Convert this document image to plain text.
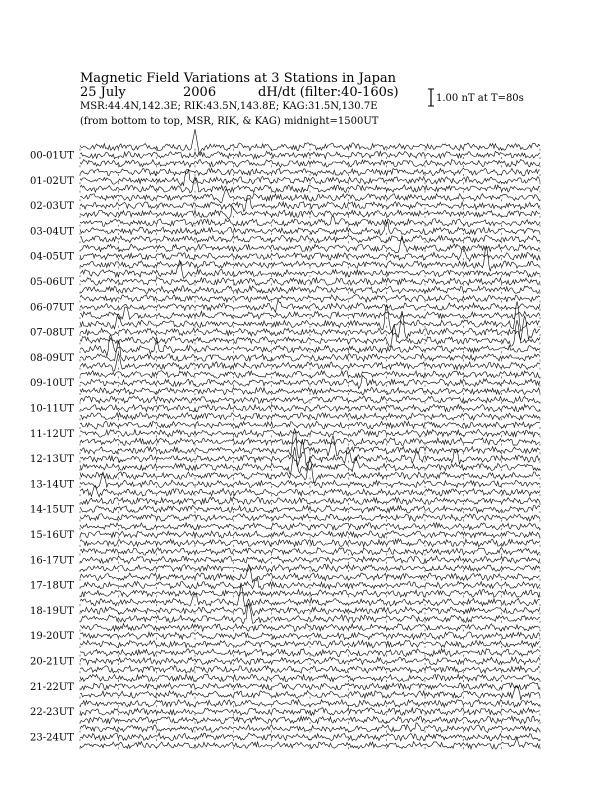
Magnetic Field Variations at 3 Stations in Japan
25 July	2006	dH/dt (filter:40-160s)
MSR:44.4N,142.3E; RIK:43.5N,143.8E; KAG:31.5N,130.7E
(from bottom to top, MSR, RIK, & KAG) midnight=1500UT
1.00 nT at T=80s
00-01UT
01-02UT
02-03UT
03-04UT
04-05UT
05-06UT
06-07UT
07-08UT
08-09UT
09-10UT
10-11UT
11-12UT
12-13UT
13-14UT
14-15UT
15-16UT
16-17UT
17-18UT
18-19UT
19-20UT
20-21UT
21-22UT
22-23UT
23-24UT
